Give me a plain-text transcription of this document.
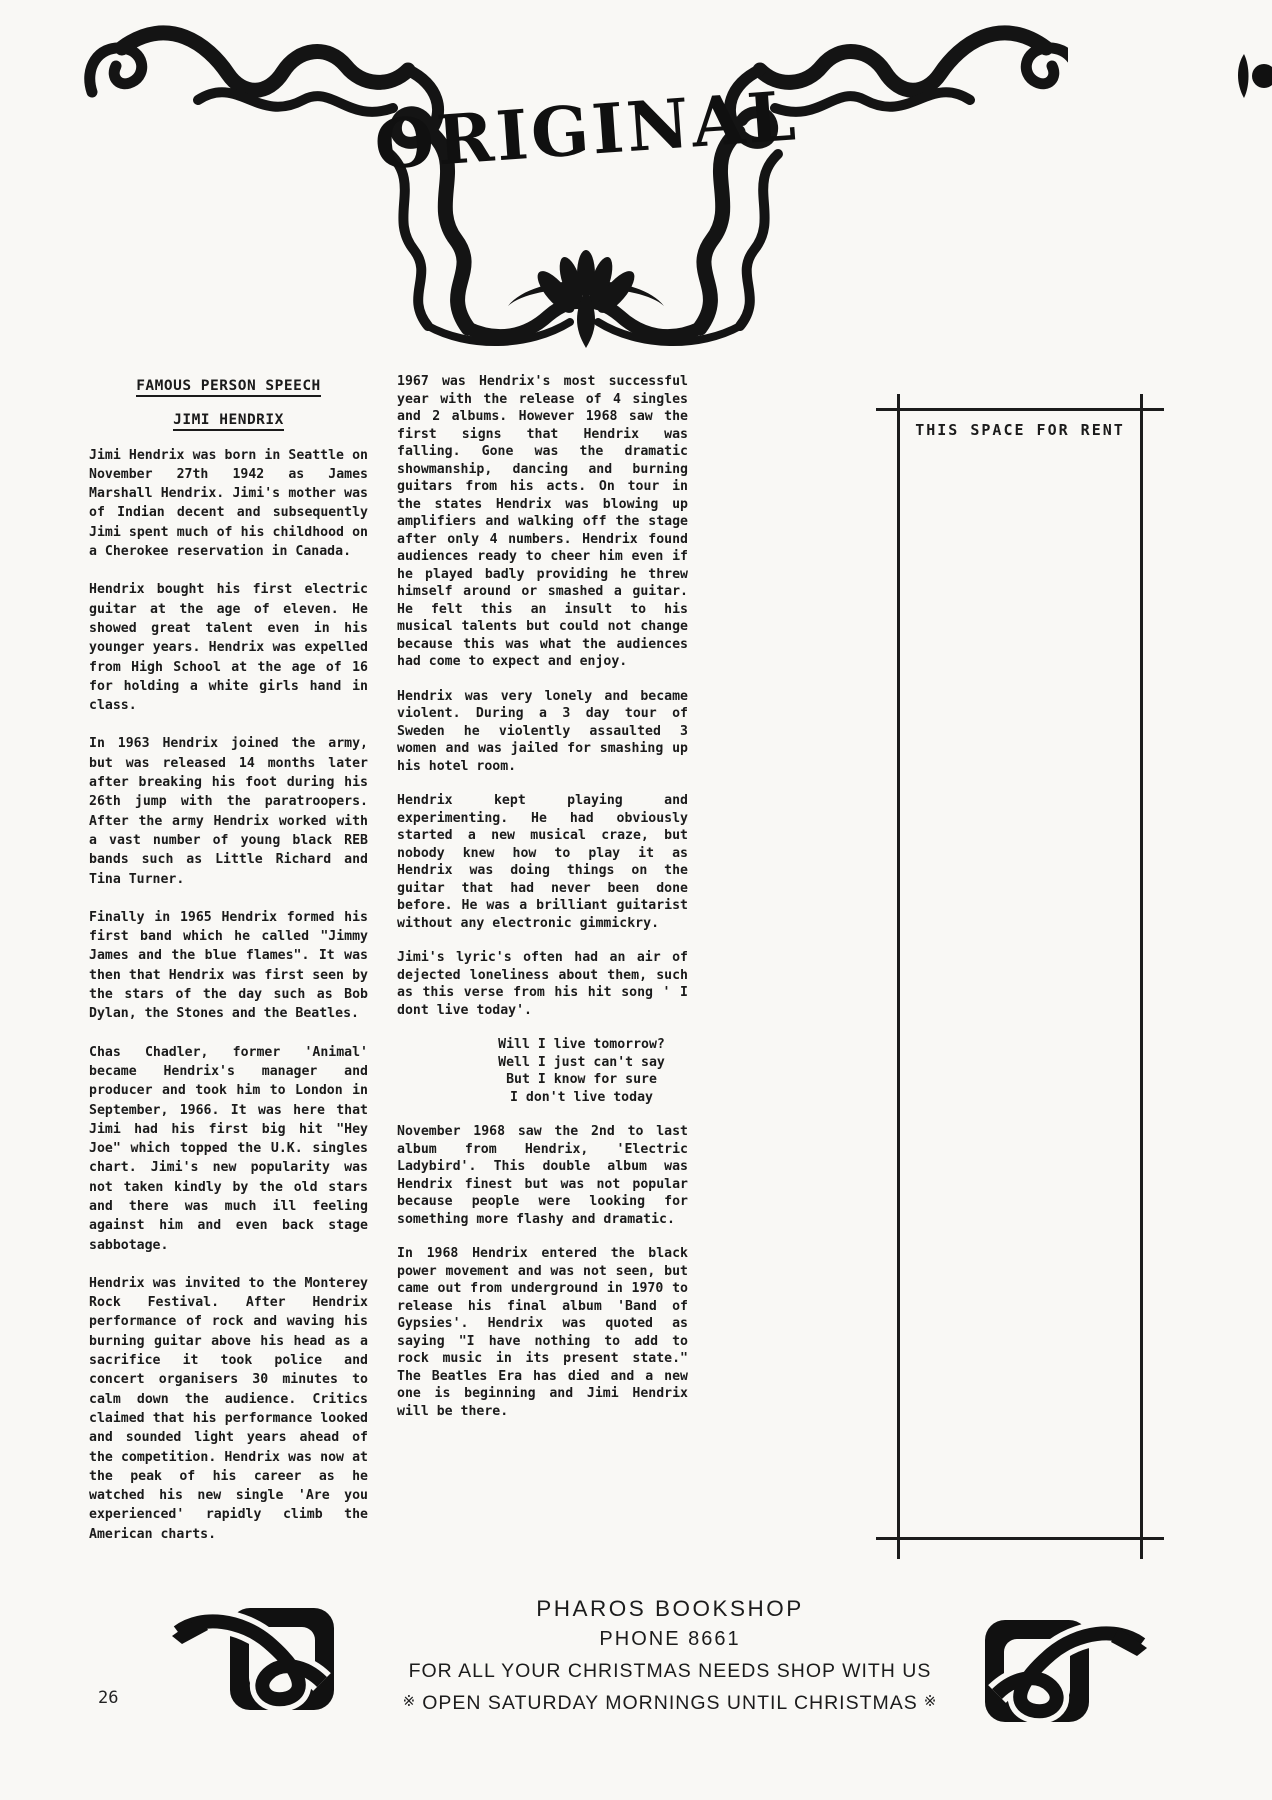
ORIGINAL
FAMOUS PERSON SPEECH
JIMI HENDRIX

Jimi Hendrix was born in Seattle on November 27th 1942 as James Marshall Hendrix. Jimi's mother was of Indian decent and subsequently Jimi spent much of his childhood on a Cherokee reservation in Canada.

Hendrix bought his first electric guitar at the age of eleven. He showed great talent even in his younger years. Hendrix was expelled from High School at the age of 16 for holding a white girls hand in class.

In 1963 Hendrix joined the army, but was released 14 months later after breaking his foot during his 26th jump with the paratroopers. After the army Hendrix worked with a vast number of young black REB bands such as Little Richard and Tina Turner.

Finally in 1965 Hendrix formed his first band which he called "Jimmy James and the blue flames". It was then that Hendrix was first seen by the stars of the day such as Bob Dylan, the Stones and the Beatles.

Chas Chadler, former 'Animal' became Hendrix's manager and producer and took him to London in September, 1966. It was here that Jimi had his first big hit "Hey Joe" which topped the U.K. singles chart. Jimi's new popularity was not taken kindly by the old stars and there was much ill feeling against him and even back stage sabbotage.

Hendrix was invited to the Monterey Rock Festival. After Hendrix performance of rock and waving his burning guitar above his head as a sacrifice it took police and concert organisers 30 minutes to calm down the audience. Critics claimed that his performance looked and sounded light years ahead of the competition. Hendrix was now at the peak of his career as he watched his new single 'Are you experienced' rapidly climb the American charts.

1967 was Hendrix's most successful year with the release of 4 singles and 2 albums. However 1968 saw the first signs that Hendrix was falling. Gone was the dramatic showmanship, dancing and burning guitars from his acts. On tour in the states Hendrix was blowing up amplifiers and walking off the stage after only 4 numbers. Hendrix found audiences ready to cheer him even if he played badly providing he threw himself around or smashed a guitar. He felt this an insult to his musical talents but could not change because this was what the audiences had come to expect and enjoy.

Hendrix was very lonely and became violent. During a 3 day tour of Sweden he violently assaulted 3 women and was jailed for smashing up his hotel room.

Hendrix kept playing and experimenting. He had obviously started a new musical craze, but nobody knew how to play it as Hendrix was doing things on the guitar that had never been done before. He was a brilliant guitarist without any electronic gimmickry.

Jimi's lyric's often had an air of dejected loneliness about them, such as this verse from his hit song ' I dont live today'.

Will I live tomorrow?
Well I just can't say
But I know for sure
I don't live today

November 1968 saw the 2nd to last album from Hendrix, 'Electric Ladybird'. This double album was Hendrix finest but was not popular because people were looking for something more flashy and dramatic.

In 1968 Hendrix entered the black power movement and was not seen, but came out from underground in 1970 to release his final album 'Band of Gypsies'. Hendrix was quoted as saying "I have nothing to add to rock music in its present state." The Beatles Era has died and a new one is beginning and Jimi Hendrix will be there.

THIS SPACE FOR RENT
26
PHAROS BOOKSHOP
PHONE 8661
FOR ALL YOUR CHRISTMAS NEEDS SHOP WITH US
※ OPEN SATURDAY MORNINGS UNTIL CHRISTMAS ※
